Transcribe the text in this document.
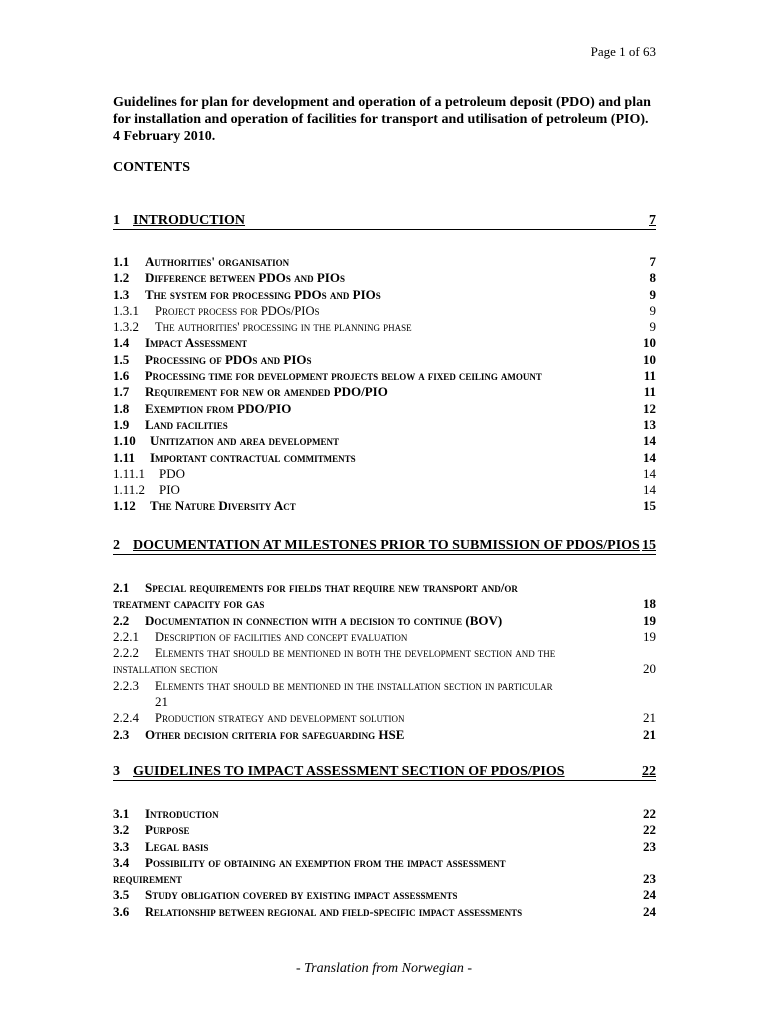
Page 1 of 63
Guidelines for plan for development and operation of a petroleum deposit (PDO) and plan for installation and operation of facilities for transport and utilisation of petroleum (PIO). 4 February 2010.
CONTENTS
1 INTRODUCTION	7
1.1 Authorities' organisation	7
1.2 Difference between PDOs and PIOs	8
1.3 The system for processing PDOs and PIOs	9
1.3.1 Project process for PDOs/PIOs	9
1.3.2 The authorities' processing in the planning phase	9
1.4 Impact Assessment	10
1.5 Processing of PDOs and PIOs	10
1.6 Processing time for development projects below a fixed ceiling amount	11
1.7 Requirement for new or amended PDO/PIO	11
1.8 Exemption from PDO/PIO	12
1.9 Land facilities	13
1.10 Unitization and area development	14
1.11 Important contractual commitments	14
1.11.1 PDO	14
1.11.2 PIO	14
1.12 The Nature Diversity Act	15
2 DOCUMENTATION AT MILESTONES PRIOR TO SUBMISSION OF PDOS/PIOS 15
2.1 Special requirements for fields that require new transport and/or
treatment capacity for gas	18
2.2 Documentation in connection with a decision to continue (BOV)	19
2.2.1 Description of facilities and concept evaluation	19
2.2.2 Elements that should be mentioned in both the development section and the
installation section	20
2.2.3 Elements that should be mentioned in the installation section in particular
21
2.2.4 Production strategy and development solution	21
2.3 Other decision criteria for safeguarding HSE	21
3 GUIDELINES TO IMPACT ASSESSMENT SECTION OF PDOS/PIOS	22
3.1 Introduction	22
3.2 Purpose	22
3.3 Legal basis	23
3.4 Possibility of obtaining an exemption from the impact assessment
requirement	23
3.5 Study obligation covered by existing impact assessments	24
3.6 Relationship between regional and field-specific impact assessments	24
- Translation from Norwegian -
